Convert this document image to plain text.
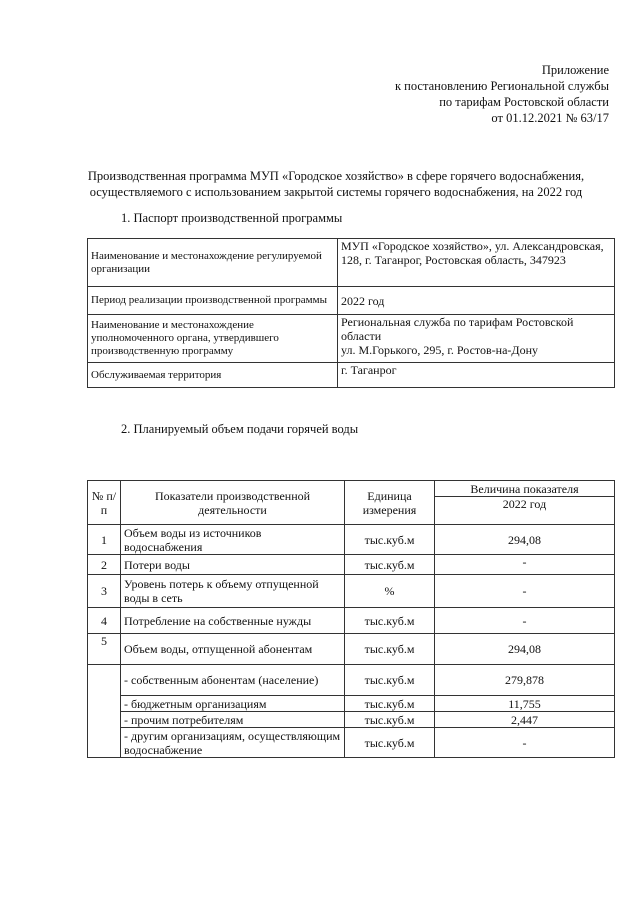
Приложение
к постановлению Региональной службы
по тарифам Ростовской области
от 01.12.2021 № 63/17
Производственная программа МУП «Городское хозяйство» в сфере горячего водоснабжения,
осуществляемого с использованием закрытой системы горячего водоснабжения, на 2022 год
1. Паспорт производственной программы
Наименование и местонахождение регулируемой организации	МУП «Городское хозяйство», ул. Александровская, 128, г. Таганрог, Ростовская область, 347923
Период реализации производственной программы	2022 год
Наименование и местонахождение уполномоченного органа, утвердившего производственную программу	Региональная служба по тарифам Ростовской области
ул. М.Горького, 295, г. Ростов-на-Дону

Обслуживаемая территория	г. Таганрог
2. Планируемый объем подачи горячей воды
№ п/п	Показатели производственной деятельности	Единица измерения	Величина показателя
			2022 год
1	Объем воды из источников водоснабжения	тыс.куб.м	294,08
2	Потери воды	тыс.куб.м	-
3	Уровень потерь к объему отпущенной воды в сеть	%	-
4	Потребление на собственные нужды	тыс.куб.м	-
5	Объем воды, отпущенной абонентам	тыс.куб.м	294,08
	- собственным абонентам (население)	тыс.куб.м	279,878
	- бюджетным организациям	тыс.куб.м	11,755
	- прочим потребителям	тыс.куб.м	2,447
	- другим организациям, осуществляющим водоснабжение	тыс.куб.м	-
